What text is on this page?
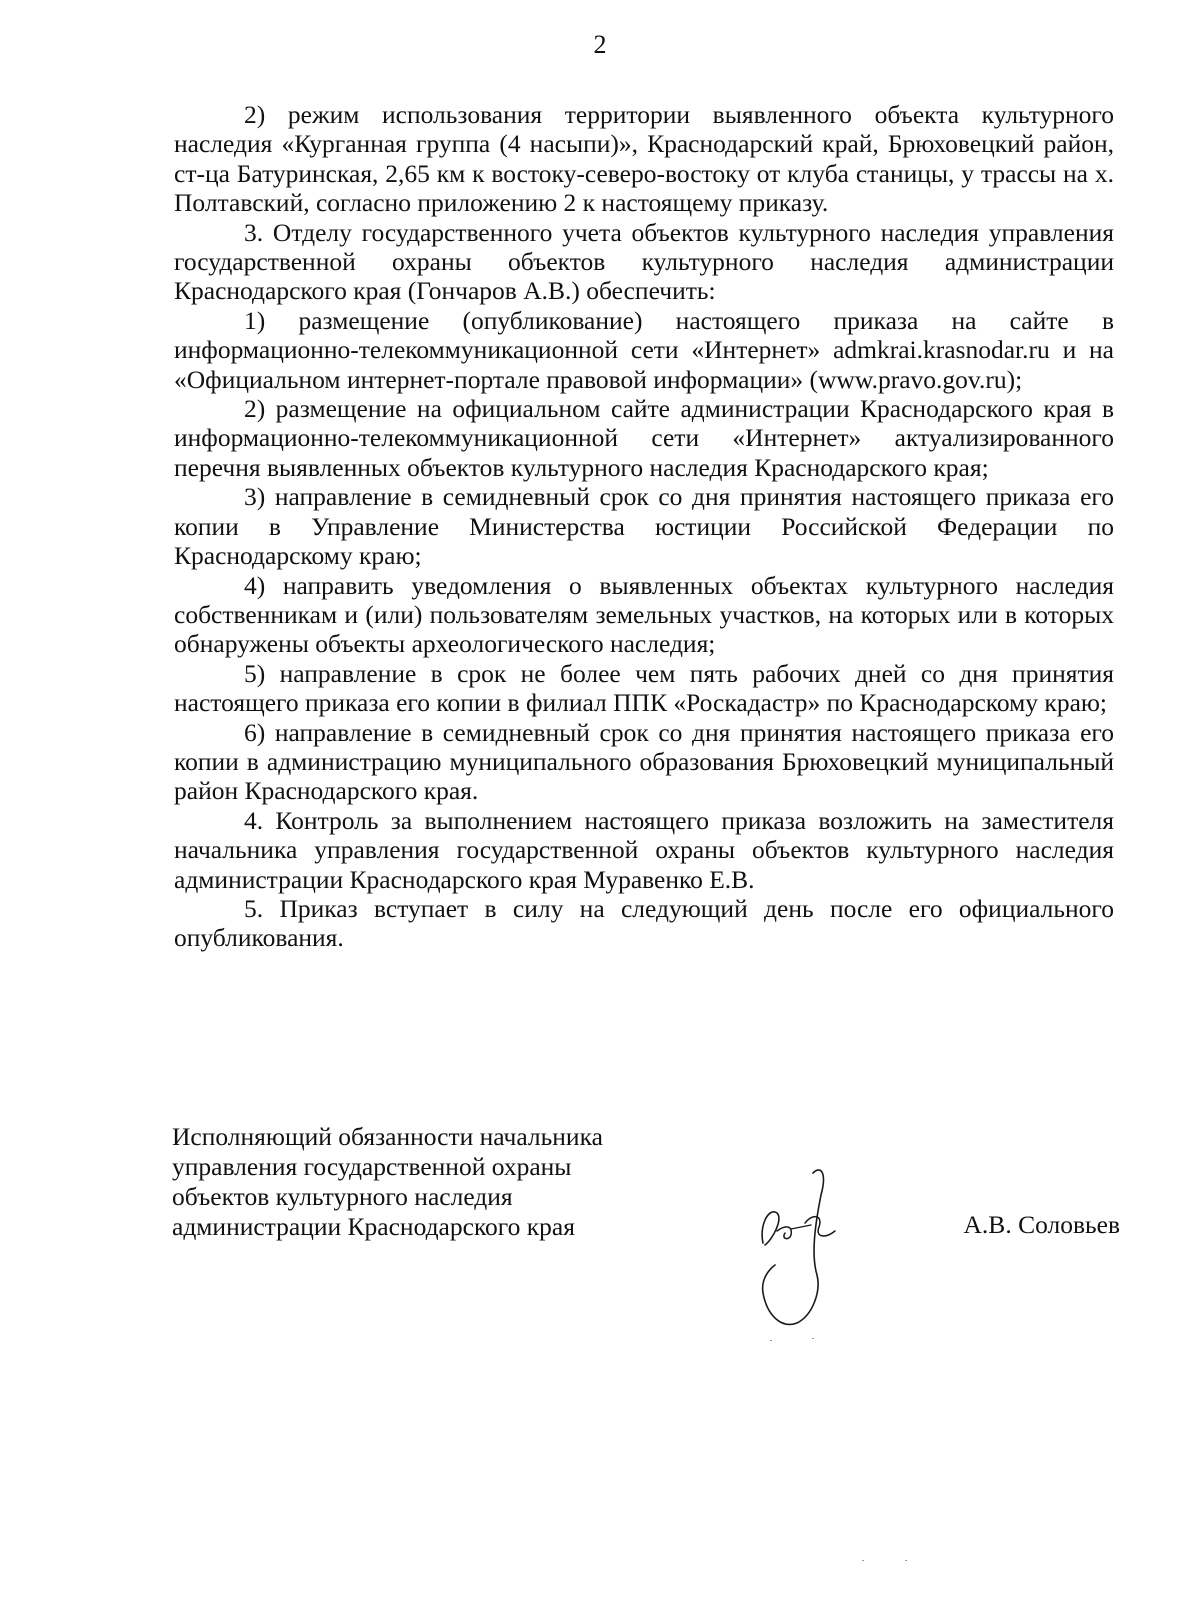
2

2) режим использования территории выявленного объекта культурного наследия «Курганная группа (4 насыпи)», Краснодарский край, Брюховецкий район, ст-ца Батуринская, 2,65 км к востоку-северо-востоку от клуба станицы, у трассы на х. Полтавский, согласно приложению 2 к настоящему приказу.

3. Отделу государственного учета объектов культурного наследия управления государственной охраны объектов культурного наследия администрации Краснодарского края (Гончаров А.В.) обеспечить:

1) размещение (опубликование) настоящего приказа на сайте в информационно-телекоммуникационной сети «Интернет» admkrai.krasnodar.ru и на «Официальном интернет-портале правовой информации» (www.pravo.gov.ru);

2) размещение на официальном сайте администрации Краснодарского края в информационно-телекоммуникационной сети «Интернет» актуализированного перечня выявленных объектов культурного наследия Краснодарского края;

3) направление в семидневный срок со дня принятия настоящего приказа его копии в Управление Министерства юстиции Российской Федерации по Краснодарскому краю;

4) направить уведомления о выявленных объектах культурного наследия собственникам и (или) пользователям земельных участков, на которых или в которых обнаружены объекты археологического наследия;

5) направление в срок не более чем пять рабочих дней со дня принятия настоящего приказа его копии в филиал ППК «Роскадастр» по Краснодарскому краю;

6) направление в семидневный срок со дня принятия настоящего приказа его копии в администрацию муниципального образования Брюховецкий муниципальный район Краснодарского края.

4. Контроль за выполнением настоящего приказа возложить на заместителя начальника управления государственной охраны объектов культурного наследия администрации Краснодарского края Муравенко Е.В.

5. Приказ вступает в силу на следующий день после его официального опубликования.

Исполняющий обязанности начальника
управления государственной охраны
объектов культурного наследия
администрации Краснодарского края	А.В. Соловьев
